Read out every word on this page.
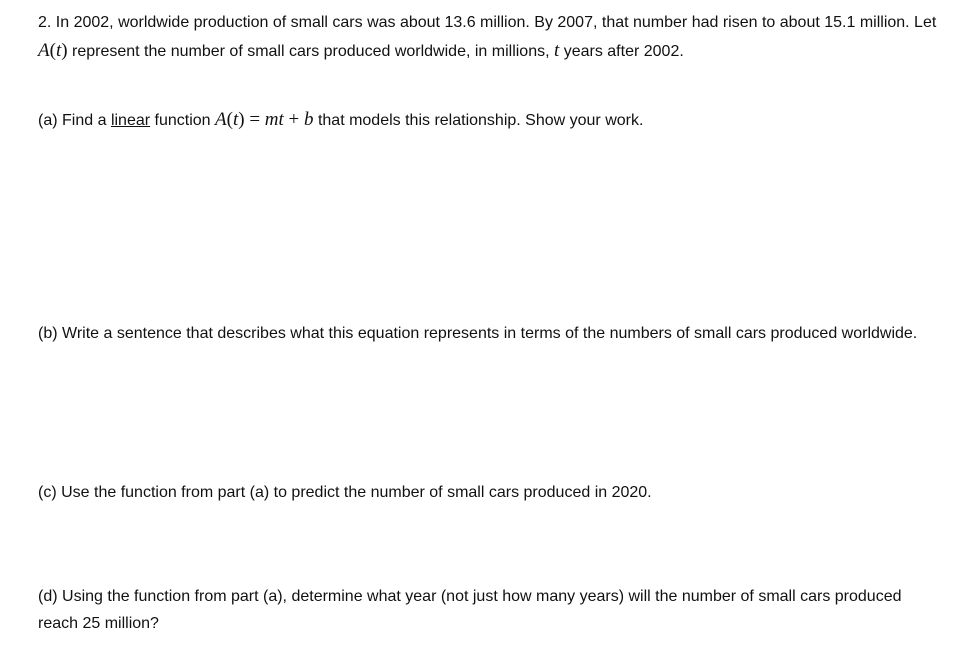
2. In 2002, worldwide production of small cars was about 13.6 million. By 2007, that number had risen to about 15.1 million. Let A(t) represent the number of small cars produced worldwide, in millions, t years after 2002.

(a) Find a linear function A(t) = mt + b that models this relationship. Show your work.

(b) Write a sentence that describes what this equation represents in terms of the numbers of small cars produced worldwide.

(c) Use the function from part (a) to predict the number of small cars produced in 2020.

(d) Using the function from part (a), determine what year (not just how many years) will the number of small cars produced reach 25 million?
